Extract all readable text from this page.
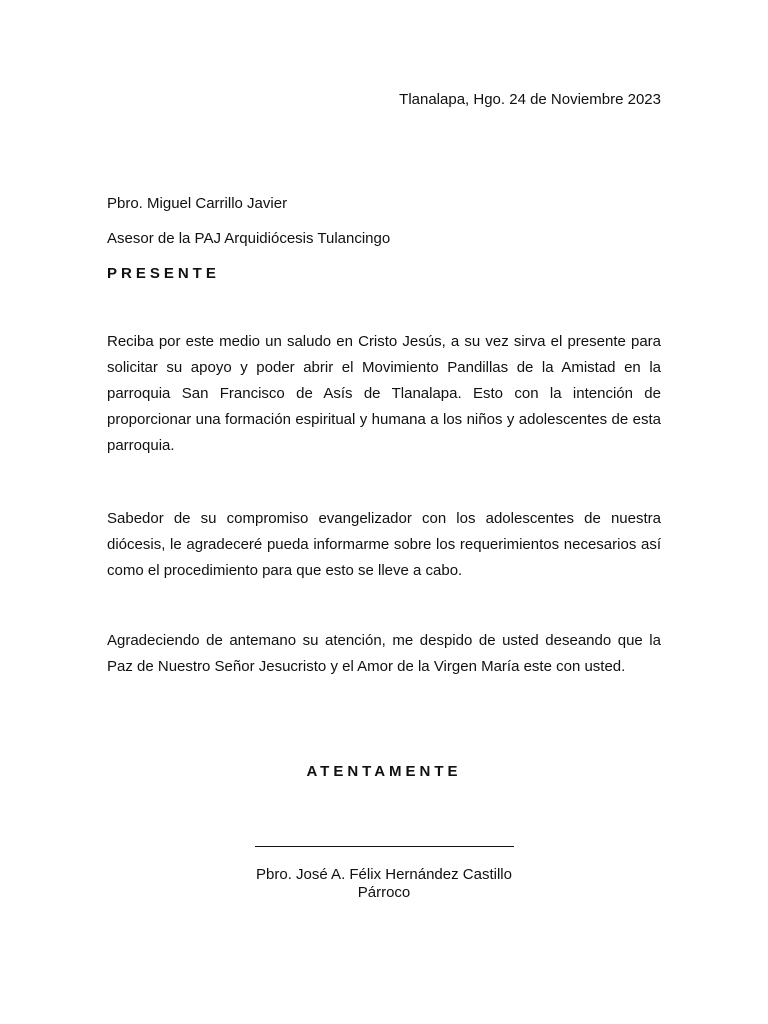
Tlanalapa, Hgo. 24 de Noviembre 2023
Pbro. Miguel Carrillo Javier
Asesor de la PAJ Arquidiócesis Tulancingo
PRESENTE
Reciba por este medio un saludo en Cristo Jesús, a su vez sirva el presente para solicitar su apoyo y poder abrir el Movimiento Pandillas de la Amistad en la parroquia San Francisco de Asís de Tlanalapa. Esto con la intención de proporcionar una formación espiritual y humana a los niños y adolescentes de esta parroquia.
Sabedor de su compromiso evangelizador con los adolescentes de nuestra diócesis, le agradeceré pueda informarme sobre los requerimientos necesarios así como el procedimiento para que esto se lleve a cabo.
Agradeciendo de antemano su atención, me despido de usted deseando que la Paz de Nuestro Señor Jesucristo y el Amor de la Virgen María este con usted.
ATENTAMENTE
Pbro. José A. Félix Hernández Castillo
Párroco
